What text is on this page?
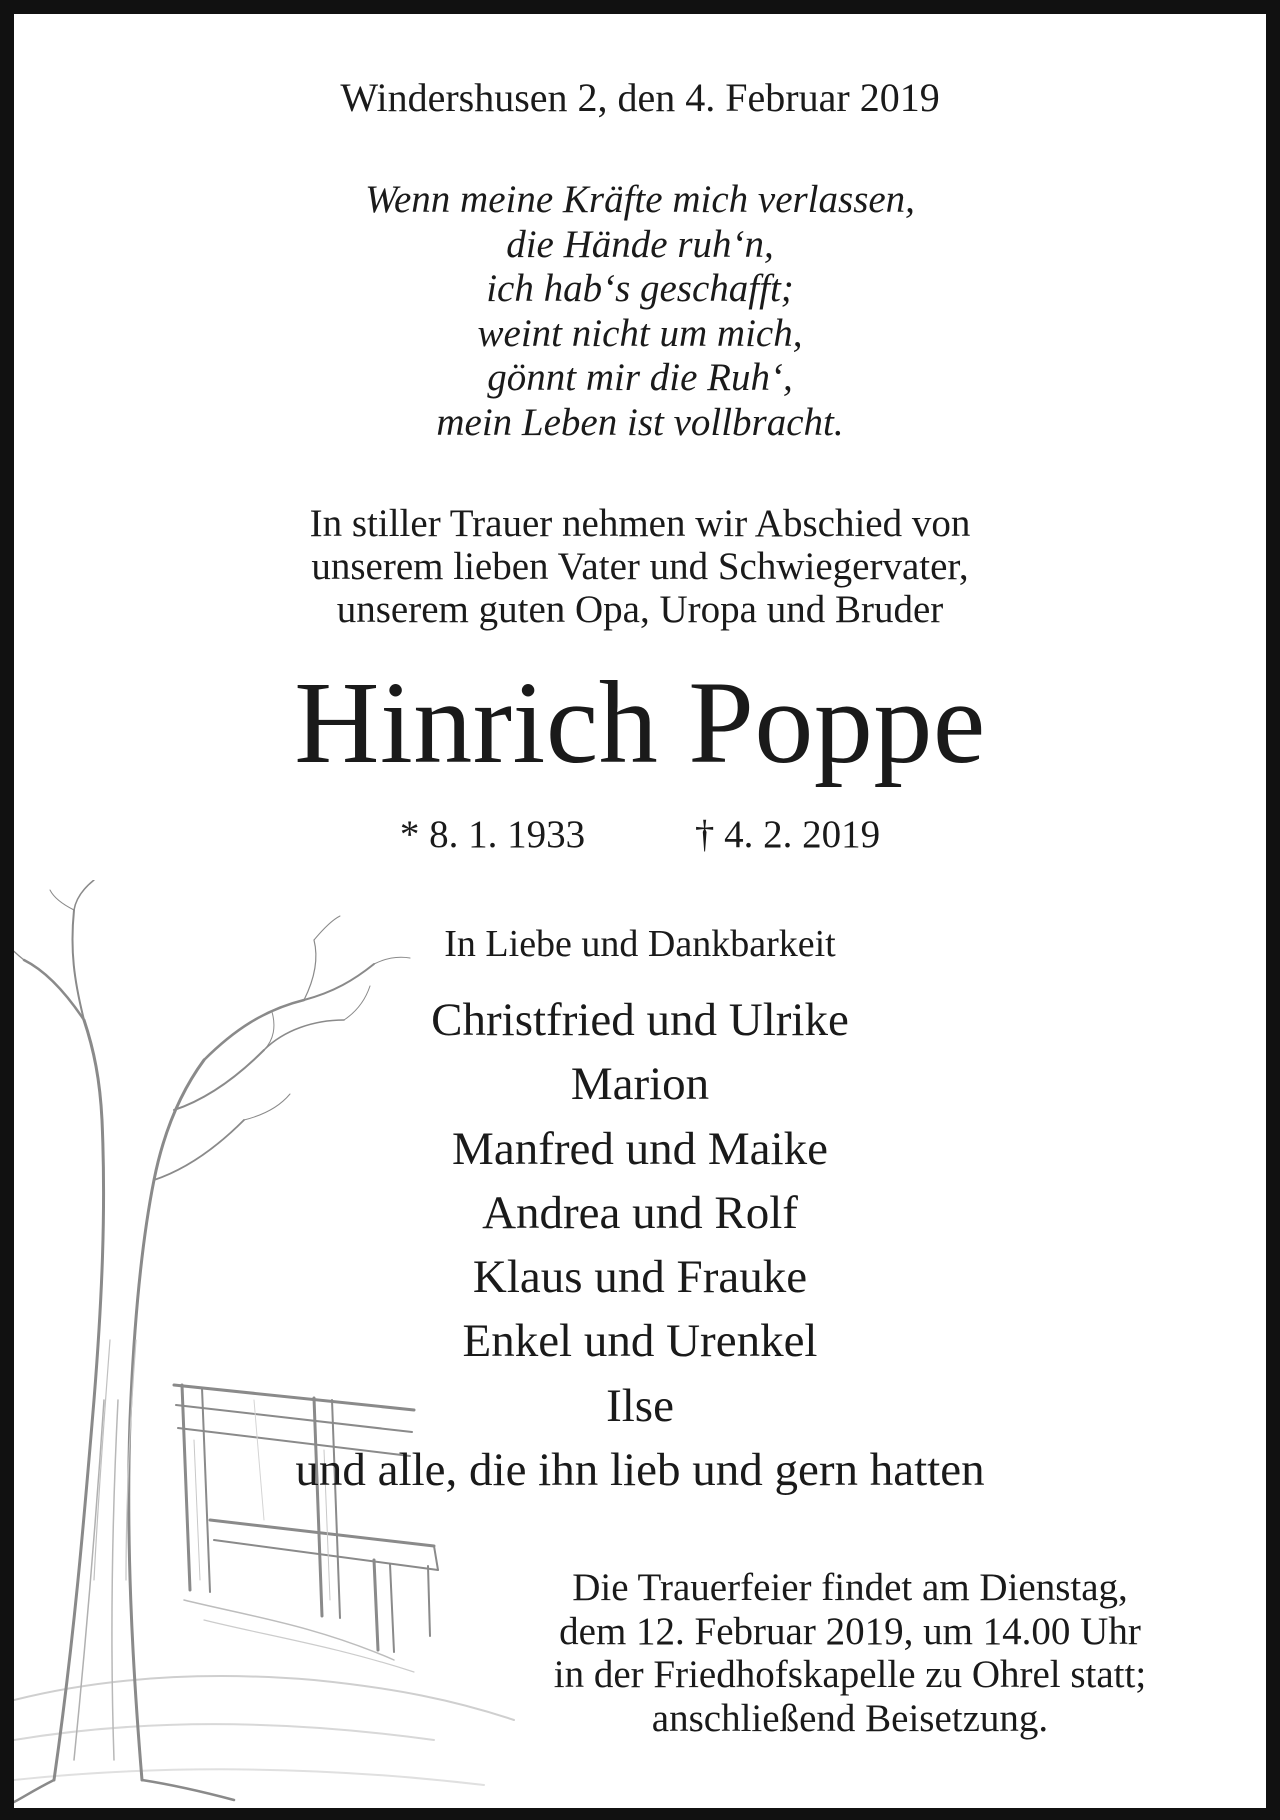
Windershusen 2, den 4. Februar 2019
Wenn meine Kräfte mich verlassen,
die Hände ruh‘n,
ich hab‘s geschafft;
weint nicht um mich,
gönnt mir die Ruh‘,
mein Leben ist vollbracht.
In stiller Trauer nehmen wir Abschied von
unserem lieben Vater und Schwiegervater,
unserem guten Opa, Uropa und Bruder
Hinrich Poppe
* 8. 1. 1933	† 4. 2. 2019
In Liebe und Dankbarkeit
Christfried und Ulrike
Marion
Manfred und Maike
Andrea und Rolf
Klaus und Frauke
Enkel und Urenkel
Ilse
und alle, die ihn lieb und gern hatten
Die Trauerfeier findet am Dienstag,
dem 12. Februar 2019, um 14.00 Uhr
in der Friedhofskapelle zu Ohrel statt;
anschließend Beisetzung.
